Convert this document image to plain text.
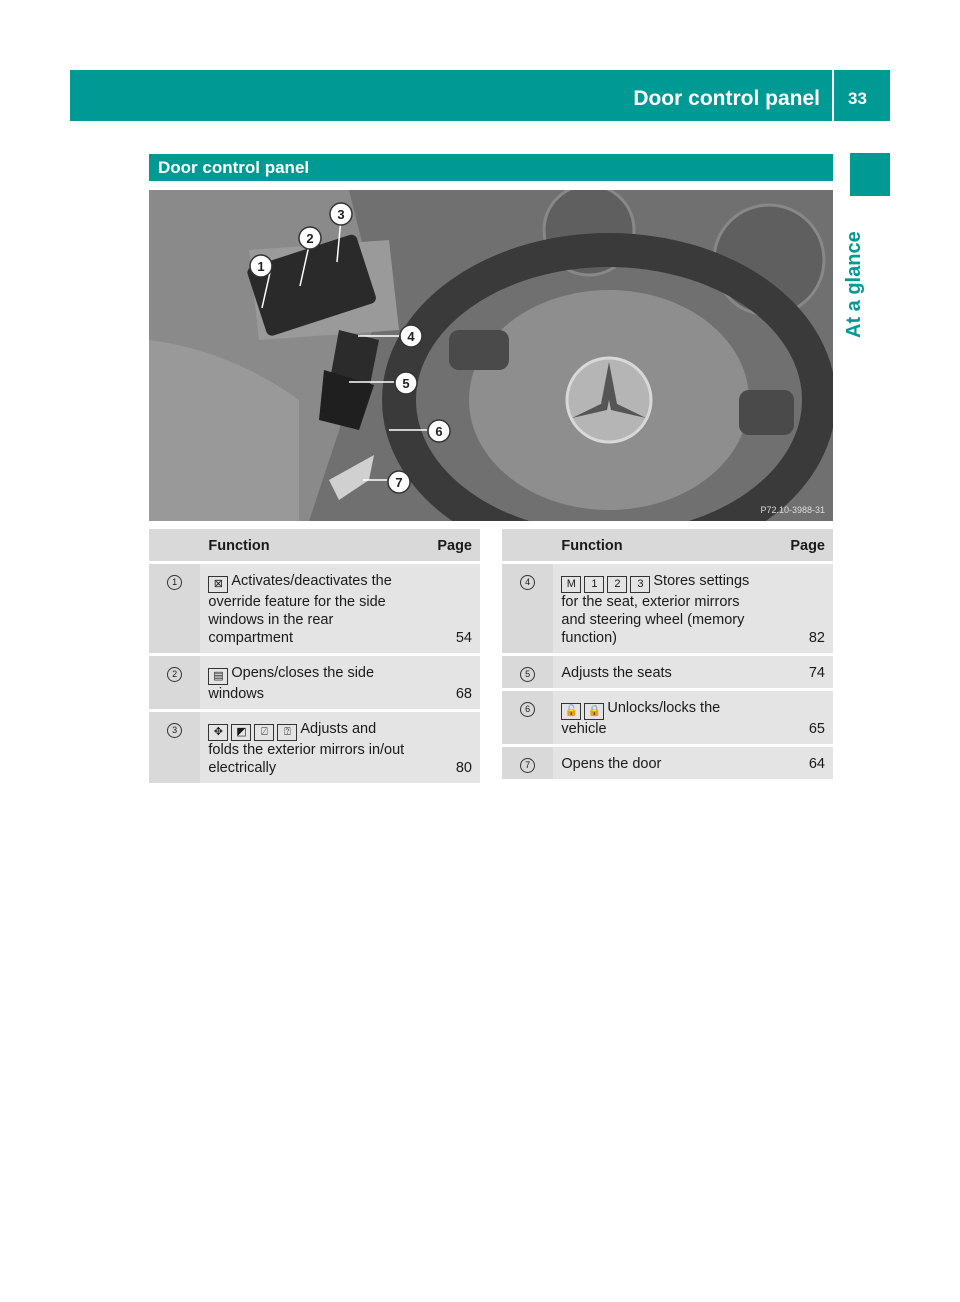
Door control panel 33
At a glance
Door control panel
1
2
3
4
5
6
7
P72.10-3988-31
	Function	Page
1	⊠ Activates/deactivates the override feature for the side windows in the rear compartment	54
2	▤ Opens/closes the side windows	68
3	✥ ◩ ⍁ ⍰ Adjusts and folds the exterior mirrors in/out electrically	80
	Function	Page
4	M 1 2 3 Stores settings for the seat, exterior mirrors and steering wheel (memory function)	82
5	Adjusts the seats	74
6	🔓 🔒 Unlocks/locks the vehicle	65
7	Opens the door	64
